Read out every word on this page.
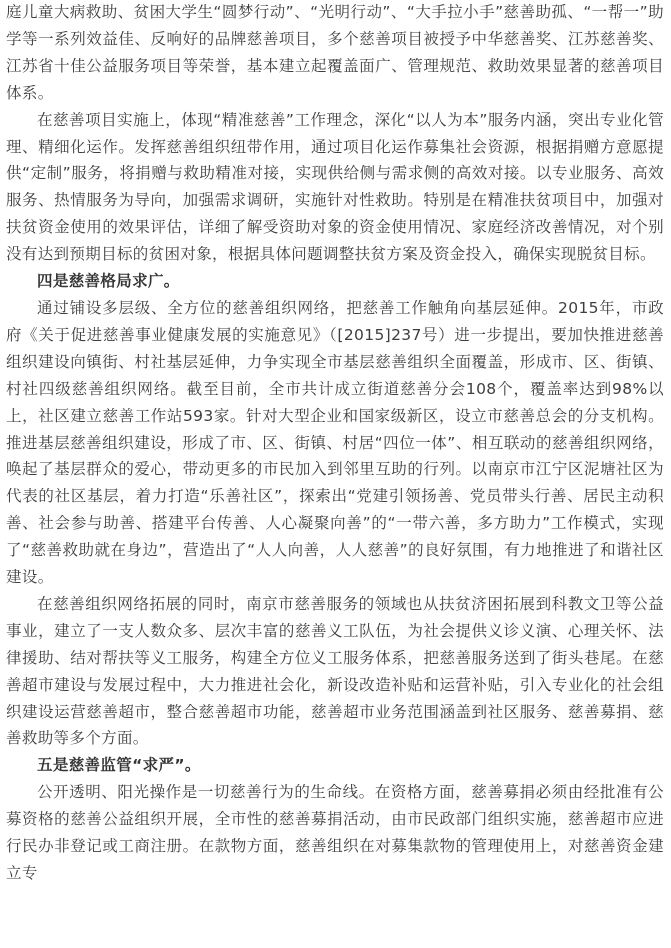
庭儿童大病救助、贫困大学生“圆梦行动”、“光明行动”、“大手拉小手”慈善助孤、“一帮一”助学等一系列效益佳、反响好的品牌慈善项目，多个慈善项目被授予中华慈善奖、江苏慈善奖、江苏省十佳公益服务项目等荣誉，基本建立起覆盖面广、管理规范、救助效果显著的慈善项目体系。

在慈善项目实施上，体现“精准慈善”工作理念，深化“以人为本”服务内涵，突出专业化管理、精细化运作。发挥慈善组织纽带作用，通过项目化运作募集社会资源，根据捐赠方意愿提供“定制”服务，将捐赠与救助精准对接，实现供给侧与需求侧的高效对接。以专业服务、高效服务、热情服务为导向，加强需求调研，实施针对性救助。特别是在精准扶贫项目中，加强对扶贫资金使用的效果评估，详细了解受资助对象的资金使用情况、家庭经济改善情况，对个别没有达到预期目标的贫困对象，根据具体问题调整扶贫方案及资金投入，确保实现脱贫目标。

四是慈善格局求广。

通过铺设多层级、全方位的慈善组织网络，把慈善工作触角向基层延伸。2015年，市政府《关于促进慈善事业健康发展的实施意见》（[2015]237号）进一步提出，要加快推进慈善组织建设向镇街、村社基层延伸，力争实现全市基层慈善组织全面覆盖，形成市、区、街镇、村社四级慈善组织网络。截至目前，全市共计成立街道慈善分会108个，覆盖率达到98%以上，社区建立慈善工作站593家。针对大型企业和国家级新区，设立市慈善总会的分支机构。推进基层慈善组织建设，形成了市、区、街镇、村居“四位一体”、相互联动的慈善组织网络，唤起了基层群众的爱心，带动更多的市民加入到邻里互助的行列。以南京市江宁区泥塘社区为代表的社区基层，着力打造“乐善社区”，探索出“党建引领扬善、党员带头行善、居民主动积善、社会参与助善、搭建平台传善、人心凝聚向善”的“一带六善，多方助力”工作模式，实现了“慈善救助就在身边”，营造出了“人人向善，人人慈善”的良好氛围，有力地推进了和谐社区建设。

在慈善组织网络拓展的同时，南京市慈善服务的领域也从扶贫济困拓展到科教文卫等公益事业，建立了一支人数众多、层次丰富的慈善义工队伍，为社会提供义诊义演、心理关怀、法律援助、结对帮扶等义工服务，构建全方位义工服务体系，把慈善服务送到了街头巷尾。在慈善超市建设与发展过程中，大力推进社会化，新设改造补贴和运营补贴，引入专业化的社会组织建设运营慈善超市，整合慈善超市功能，慈善超市业务范围涵盖到社区服务、慈善募捐、慈善救助等多个方面。

五是慈善监管“求严”。

公开透明、阳光操作是一切慈善行为的生命线。在资格方面，慈善募捐必须由经批准有公募资格的慈善公益组织开展，全市性的慈善募捐活动，由市民政部门组织实施，慈善超市应进行民办非登记或工商注册。在款物方面，慈善组织在对募集款物的管理使用上，对慈善资金建立专
